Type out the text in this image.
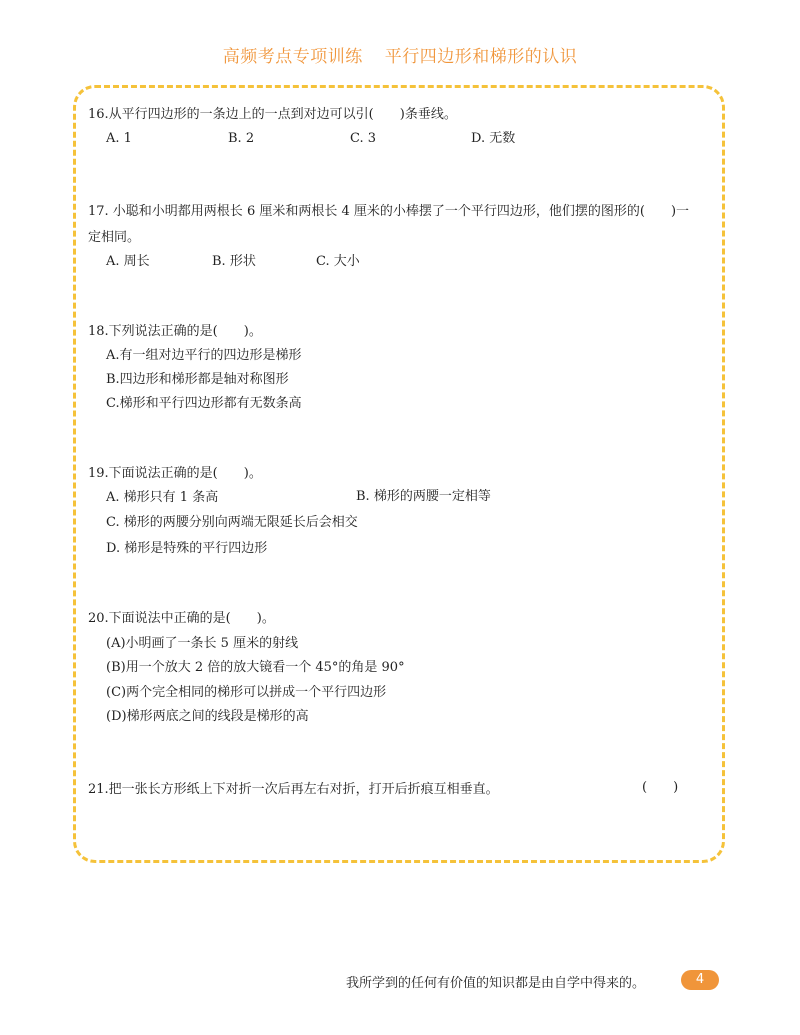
高频考点专项训练 平行四边形和梯形的认识
16.从平行四边形的一条边上的一点到对边可以引(　　)条垂线。
A. 1	B. 2	C. 3	D. 无数
17. 小聪和小明都用两根长 6 厘米和两根长 4 厘米的小棒摆了一个平行四边形，他们摆的图形的(　　)一
定相同。
A. 周长	B. 形状	C. 大小
18.下列说法正确的是(　　)。
A.有一组对边平行的四边形是梯形
B.四边形和梯形都是轴对称图形
C.梯形和平行四边形都有无数条高
19.下面说法正确的是(　　)。
A. 梯形只有 1 条高	B. 梯形的两腰一定相等
C. 梯形的两腰分别向两端无限延长后会相交
D. 梯形是特殊的平行四边形
20.下面说法中正确的是(　　)。
(A)小明画了一条长 5 厘米的射线
(B)用一个放大 2 倍的放大镜看一个 45°的角是 90°
(C)两个完全相同的梯形可以拼成一个平行四边形
(D)梯形两底之间的线段是梯形的高
21.把一张长方形纸上下对折一次后再左右对折，打开后折痕互相垂直。	(　　)
我所学到的任何有价值的知识都是由自学中得来的。	4
